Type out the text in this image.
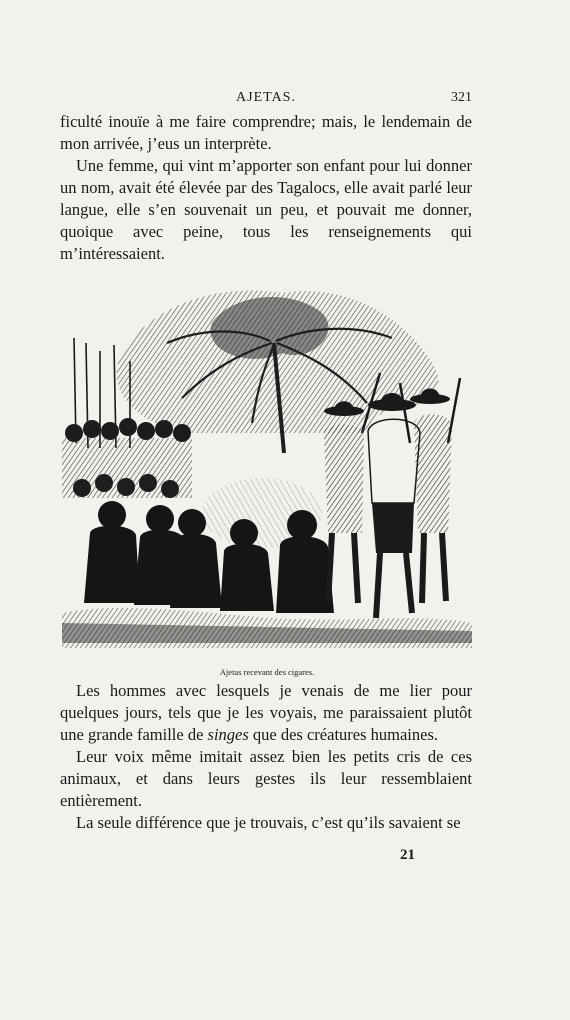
AJETAS.	321

ficulté inouïe à me faire comprendre; mais, le lendemain de mon arrivée, j’eus un interprète.

Une femme, qui vint m’apporter son enfant pour lui donner un nom, avait été élevée par des Tagalocs, elle avait parlé leur langue, elle s’en souvenait un peu, et pouvait me donner, quoique avec peine, tous les renseignements qui m’intéressaient.

Ajetas recevant des cigares.

Les hommes avec lesquels je venais de me lier pour quelques jours, tels que je les voyais, me paraissaient plutôt une grande famille de singes que des créatures humaines.

Leur voix même imitait assez bien les petits cris de ces animaux, et dans leurs gestes ils leur ressemblaient entièrement.

La seule différence que je trouvais, c’est qu’ils savaient se

21
